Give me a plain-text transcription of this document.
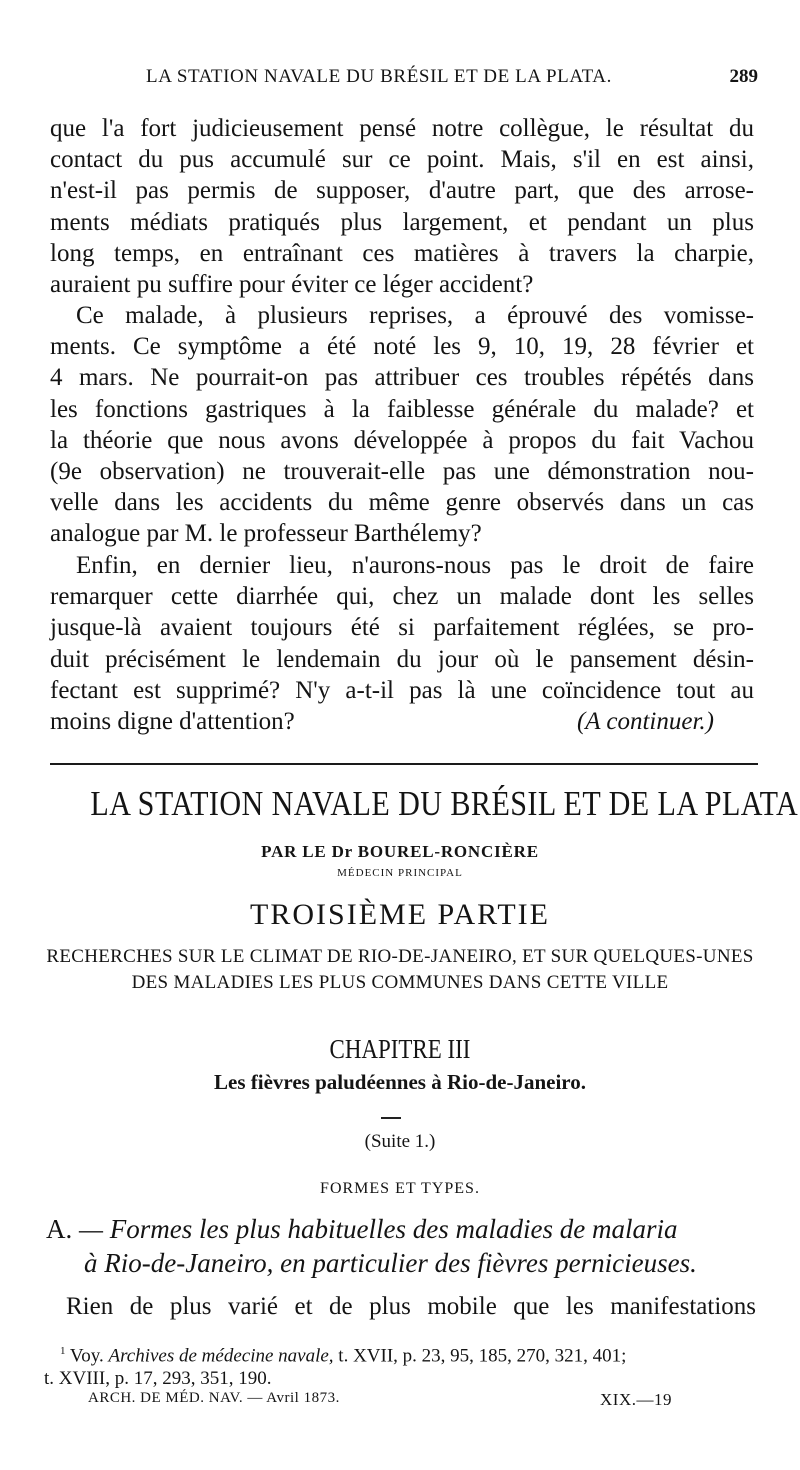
LA STATION NAVALE DU BRÉSIL ET DE LA PLATA.	289
que l'a fort judicieusement pensé notre collègue, le résultat du
contact du pus accumulé sur ce point. Mais, s'il en est ainsi,
n'est-il pas permis de supposer, d'autre part, que des arrose-
ments médiats pratiqués plus largement, et pendant un plus
long temps, en entraînant ces matières à travers la charpie,
auraient pu suffire pour éviter ce léger accident?
Ce malade, à plusieurs reprises, a éprouvé des vomisse-
ments. Ce symptôme a été noté les 9, 10, 19, 28 février et
4 mars. Ne pourrait-on pas attribuer ces troubles répétés dans
les fonctions gastriques à la faiblesse générale du malade? et
la théorie que nous avons développée à propos du fait Vachou
(9e observation) ne trouverait-elle pas une démonstration nou-
velle dans les accidents du même genre observés dans un cas
analogue par M. le professeur Barthélemy?
Enfin, en dernier lieu, n'aurons-nous pas le droit de faire
remarquer cette diarrhée qui, chez un malade dont les selles
jusque-là avaient toujours été si parfaitement réglées, se pro-
duit précisément le lendemain du jour où le pansement désin-
fectant est supprimé? N'y a-t-il pas là une coïncidence tout au
moins digne d'attention?	(A continuer.)
LA STATION NAVALE DU BRÉSIL ET DE LA PLATA
PAR LE Dr BOUREL-RONCIÈRE
MÉDECIN PRINCIPAL
TROISIÈME PARTIE
RECHERCHES SUR LE CLIMAT DE RIO-DE-JANEIRO, ET SUR QUELQUES-UNES
DES MALADIES LES PLUS COMMUNES DANS CETTE VILLE
CHAPITRE III
Les fièvres paludéennes à Rio-de-Janeiro.
(Suite 1.)
FORMES ET TYPES.
A. — Formes les plus habituelles des maladies de malaria
à Rio-de-Janeiro, en particulier des fièvres pernicieuses.
Rien de plus varié et de plus mobile que les manifestations
$^1$ Voy. Archives de médecine navale, t. XVII, p. 23, 95, 185, 270, 321, 401;
t. XVIII, p. 17, 293, 351, 190.
ARCH. DE MÉD. NAV. — Avril 1873.	XIX.—19
